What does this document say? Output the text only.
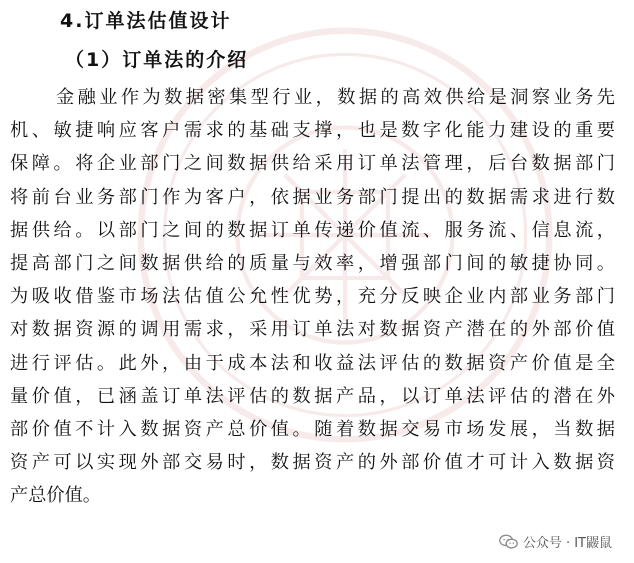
4.订单法估值设计
（1）订单法的介绍

金融业作为数据密集型行业，数据的高效供给是洞察业务先
机、敏捷响应客户需求的基础支撑，也是数字化能力建设的重要
保障。将企业部门之间数据供给采用订单法管理，后台数据部门
将前台业务部门作为客户，依据业务部门提出的数据需求进行数
据供给。以部门之间的数据订单传递价值流、服务流、信息流，
提高部门之间数据供给的质量与效率，增强部门间的敏捷协同。
为吸收借鉴市场法估值公允性优势，充分反映企业内部业务部门
对数据资源的调用需求，采用订单法对数据资产潜在的外部价值
进行评估。此外，由于成本法和收益法评估的数据资产价值是全
量价值，已涵盖订单法评估的数据产品，以订单法评估的潜在外
部价值不计入数据资产总价值。随着数据交易市场发展，当数据
资产可以实现外部交易时，数据资产的外部价值才可计入数据资
产总价值。

公众号 · IT鼹鼠
